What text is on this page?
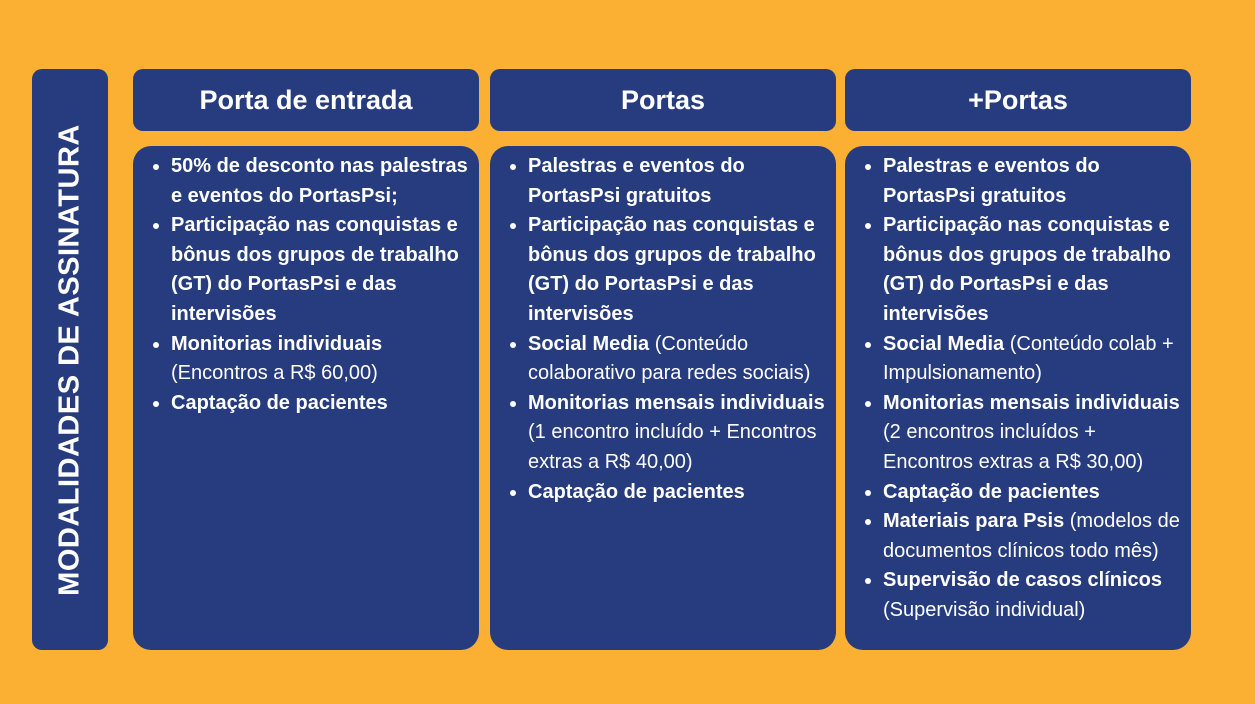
MODALIDADES DE ASSINATURA
Porta de entrada	Portas	+Portas
• 50% de desconto nas palestras e eventos do PortasPsi;
• Participação nas conquistas e bônus dos grupos de trabalho (GT) do PortasPsi e das intervisões
• Monitorias individuais (Encontros a R$ 60,00)
• Captação de pacientes
• Palestras e eventos do PortasPsi gratuitos
• Participação nas conquistas e bônus dos grupos de trabalho (GT) do PortasPsi e das intervisões
• Social Media (Conteúdo colaborativo para redes sociais)
• Monitorias mensais individuais (1 encontro incluído + Encontros extras a R$ 40,00)
• Captação de pacientes
• Palestras e eventos do PortasPsi gratuitos
• Participação nas conquistas e bônus dos grupos de trabalho (GT) do PortasPsi e das intervisões
• Social Media (Conteúdo colab + Impulsionamento)
• Monitorias mensais individuais (2 encontros incluídos + Encontros extras a R$ 30,00)
• Captação de pacientes
• Materiais para Psis (modelos de documentos clínicos todo mês)
• Supervisão de casos clínicos (Supervisão individual)
